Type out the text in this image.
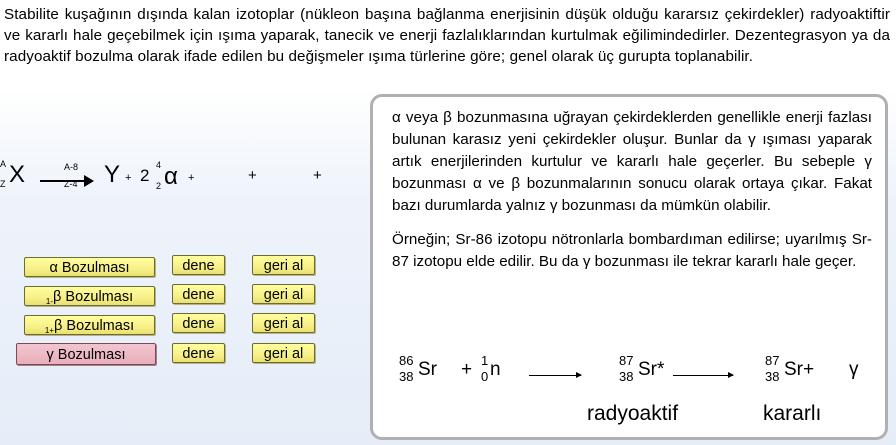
Stabilite kuşağının dışında kalan izotoplar (nükleon başına bağlanma enerjisinin düşük olduğu kararsız çekirdekler) radyoaktiftir ve kararlı hale geçebilmek için ışıma yaparak, tanecik ve enerji fazlalıklarından kurtulmak eğilimindedirler. Dezentegrasyon ya da radyoaktif bozulma olarak ifade edilen bu değişmeler ışıma türlerine göre; genel olarak üç gurupta toplanabilir.
A
Z X	A-8
Z-4 Y + 2
4
2 α +	+	+
α Bozulması	dene	geri al
$_{1-}$β Bozulması	dene	geri al
$_{1+}$β Bozulması	dene	geri al
γ Bozulması	dene	geri al

α veya β bozunmasına uğrayan çekirdeklerden genellikle enerji fazlası bulunan karasız yeni çekirdekler oluşur. Bunlar da γ ışıması yaparak artık enerjilerinden kurtulur ve kararlı hale geçerler. Bu sebeple γ bozunması α ve β bozunmalarının sonucu olarak ortaya çıkar. Fakat bazı durumlarda yalnız γ bozunması da mümkün olabilir.

Örneğin; Sr-86 izotopu nötronlarla bombardıman edilirse; uyarılmış Sr-87 izotopu elde edilir. Bu da γ bozunması ile tekrar kararlı hale geçer.

86
38 Sr + 1
0 n	87
38 Sr* →
87
38 Sr+ γ
radyoaktif	kararlı
